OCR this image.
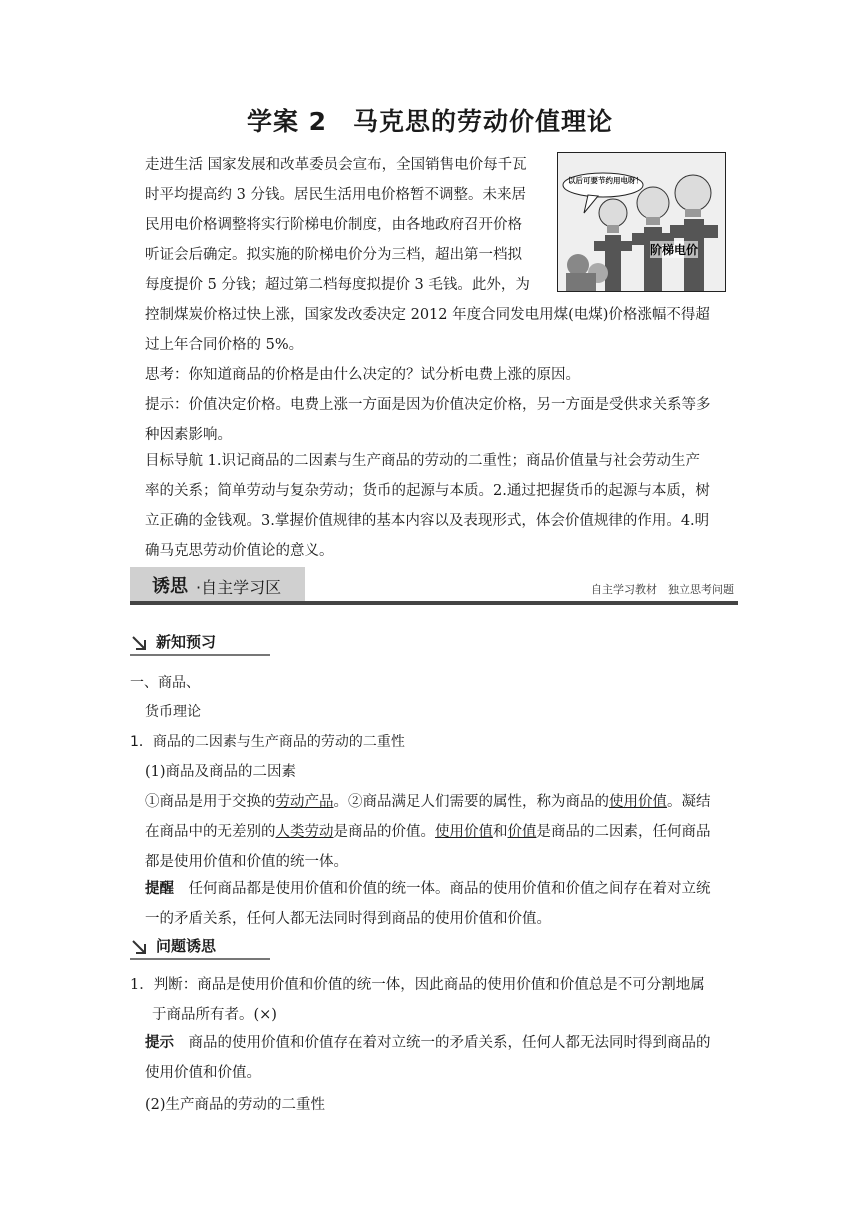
学案 2　马克思的劳动价值理论
走进生活 国家发展和改革委员会宣布，全国销售电价每千瓦
时平均提高约 3 分钱。居民生活用电价格暂不调整。未来居
民用电价格调整将实行阶梯电价制度，由各地政府召开价格
听证会后确定。拟实施的阶梯电价分为三档，超出第一档拟
每度提价 5 分钱；超过第二档每度拟提价 3 毛钱。此外，为
以后可要节约用电呀！
阶梯电价
控制煤炭价格过快上涨，国家发改委决定 2012 年度合同发电用煤(电煤)价格涨幅不得超
过上年合同价格的 5%。
思考：你知道商品的价格是由什么决定的？试分析电费上涨的原因。
提示：价值决定价格。电费上涨一方面是因为价值决定价格，另一方面是受供求关系等多
种因素影响。
目标导航 1.识记商品的二因素与生产商品的劳动的二重性；商品价值量与社会劳动生产
率的关系；简单劳动与复杂劳动；货币的起源与本质。2.通过把握货币的起源与本质，树
立正确的金钱观。3.掌握价值规律的基本内容以及表现形式，体会价值规律的作用。4.明
确马克思劳动价值论的意义。
诱思 ·自主学习区	自主学习教材　独立思考问题
新知预习
一、商品、
货币理论
1．商品的二因素与生产商品的劳动的二重性
(1)商品及商品的二因素
①商品是用于交换的劳动产品。②商品满足人们需要的属性，称为商品的使用价值。凝结
在商品中的无差别的人类劳动是商品的价值。使用价值和价值是商品的二因素，任何商品
都是使用价值和价值的统一体。
提醒　 任何商品都是使用价值和价值的统一体。商品的使用价值和价值之间存在着对立统
一的矛盾关系，任何人都无法同时得到商品的使用价值和价值。
问题诱思
1．判断：商品是使用价值和价值的统一体，因此商品的使用价值和价值总是不可分割地属
于商品所有者。(×)
提示　 商品的使用价值和价值存在着对立统一的矛盾关系，任何人都无法同时得到商品的
使用价值和价值。
(2)生产商品的劳动的二重性
